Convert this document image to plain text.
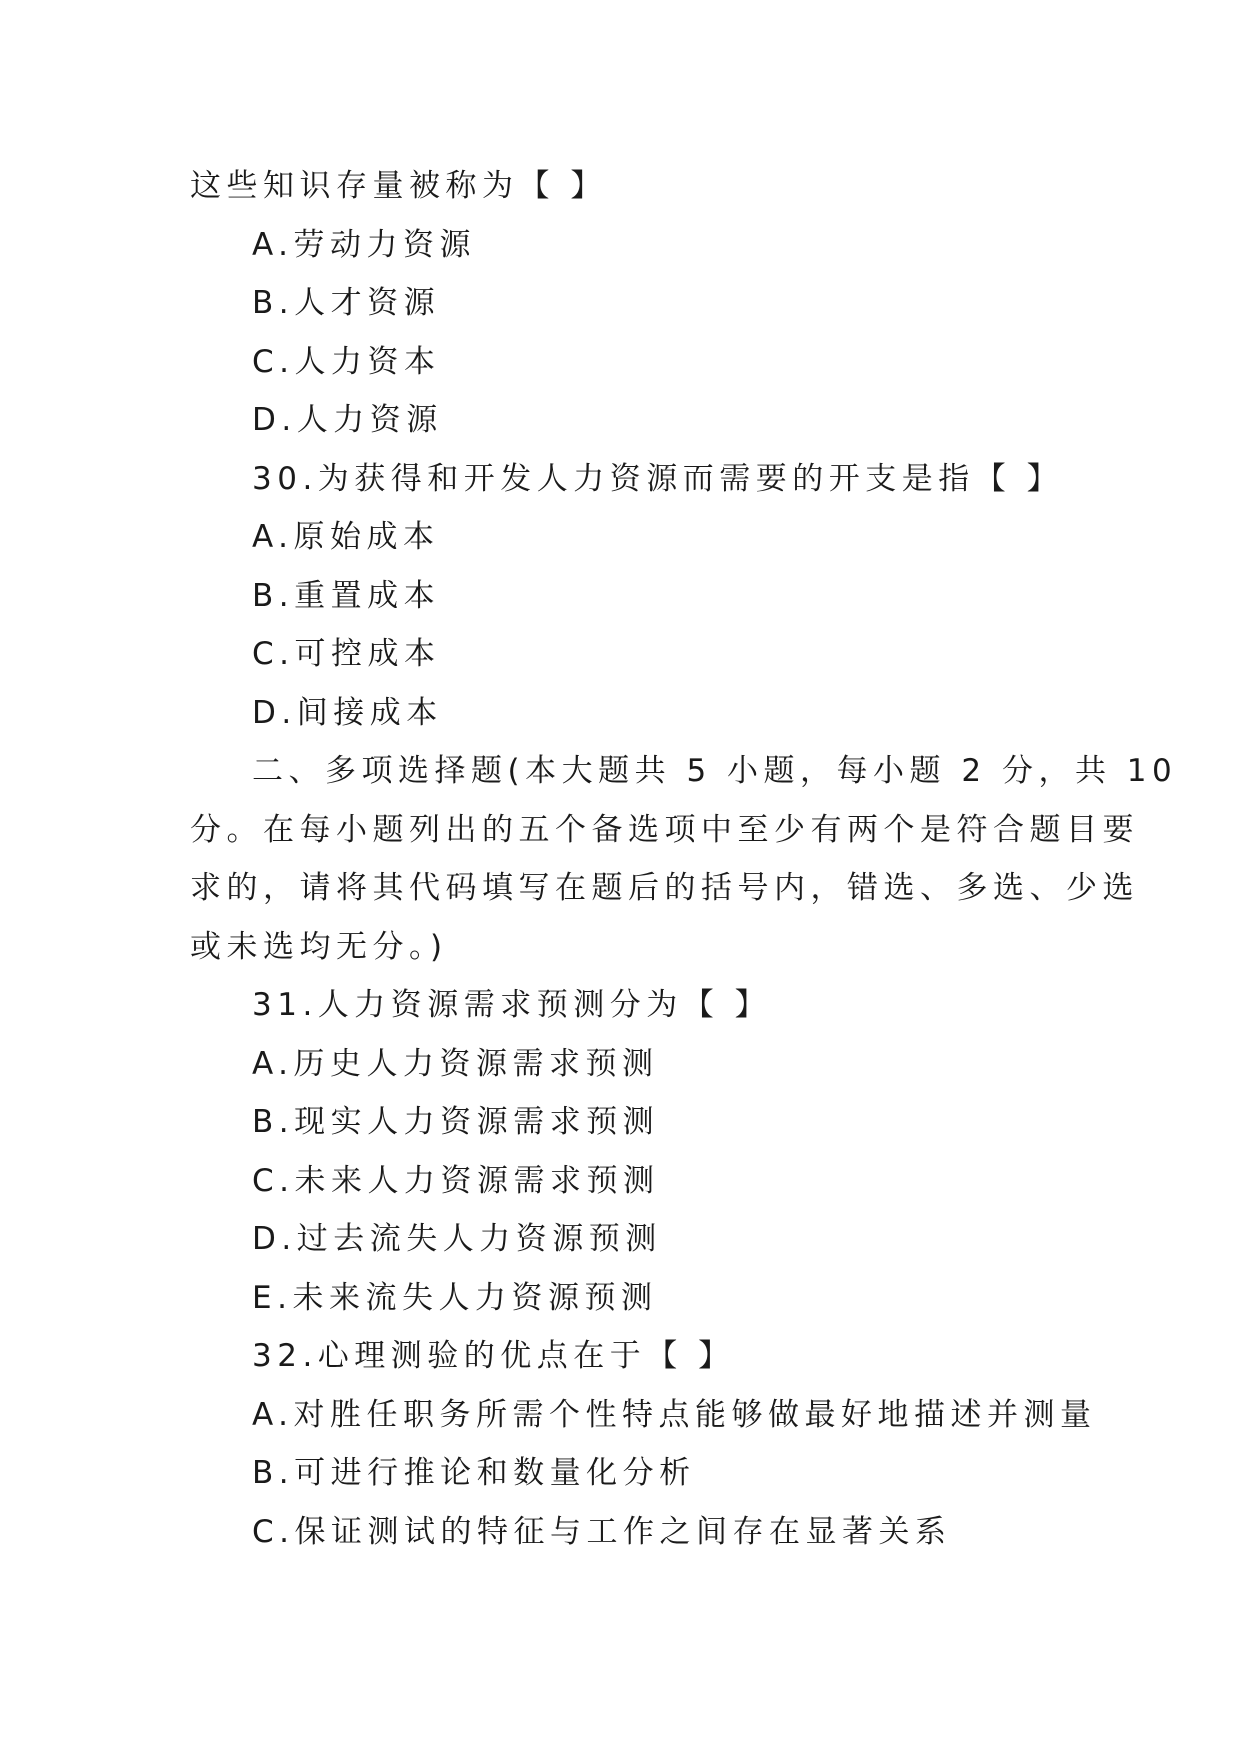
这些知识存量被称为【 】
A.劳动力资源
B.人才资源
C.人力资本
D.人力资源
30.为获得和开发人力资源而需要的开支是指【 】
A.原始成本
B.重置成本
C.可控成本
D.间接成本
二、多项选择题(本大题共 5 小题，每小题 2 分，共 10
分。在每小题列出的五个备选项中至少有两个是符合题目要
求的，请将其代码填写在题后的括号内，错选、多选、少选
或未选均无分。)
31.人力资源需求预测分为【 】
A.历史人力资源需求预测
B.现实人力资源需求预测
C.未来人力资源需求预测
D.过去流失人力资源预测
E.未来流失人力资源预测
32.心理测验的优点在于【 】
A.对胜任职务所需个性特点能够做最好地描述并测量
B.可进行推论和数量化分析
C.保证测试的特征与工作之间存在显著关系
